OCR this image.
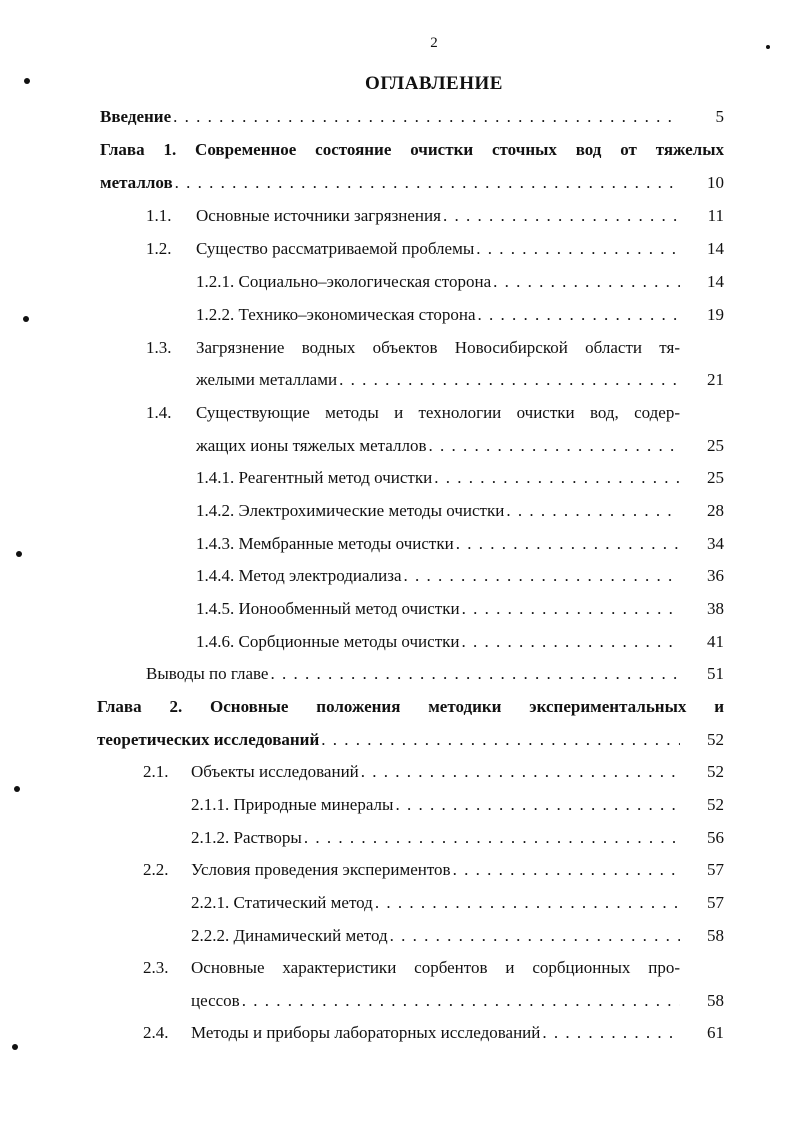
2
ОГЛАВЛЕНИЕ
Введение . . .	5
Глава 1. Современное состояние очистки сточных вод от тяжелых
металлов . . .	10
1.1. Основные источники загрязнения . . .	11
1.2. Существо рассматриваемой проблемы . . .	14
1.2.1. Социально–экологическая сторона . . .	14
1.2.2. Технико–экономическая сторона . . .	19
1.3. Загрязнение водных объектов Новосибирской области тя-
желыми металлами . . .	21
1.4. Существующие методы и технологии очистки вод, содер-
жащих ионы тяжелых металлов . . .	25
1.4.1. Реагентный метод очистки . . .	25
1.4.2. Электрохимические методы очистки . . .	28
1.4.3. Мембранные методы очистки . . .	34
1.4.4. Метод электродиализа . . .	36
1.4.5. Ионообменный метод очистки . . .	38
1.4.6. Сорбционные методы очистки . . .	41
Выводы по главе . . .	51
Глава 2. Основные положения методики экспериментальных и
теоретических исследований . . .	52
2.1. Объекты исследований . . .	52
2.1.1. Природные минералы . . .	52
2.1.2. Растворы . . .	56
2.2. Условия проведения экспериментов . . .	57
2.2.1. Статический метод . . .	57
2.2.2. Динамический метод . . .	58
2.3. Основные характеристики сорбентов и сорбционных про-
цессов . . .	58
2.4. Методы и приборы лабораторных исследований . . .	61
